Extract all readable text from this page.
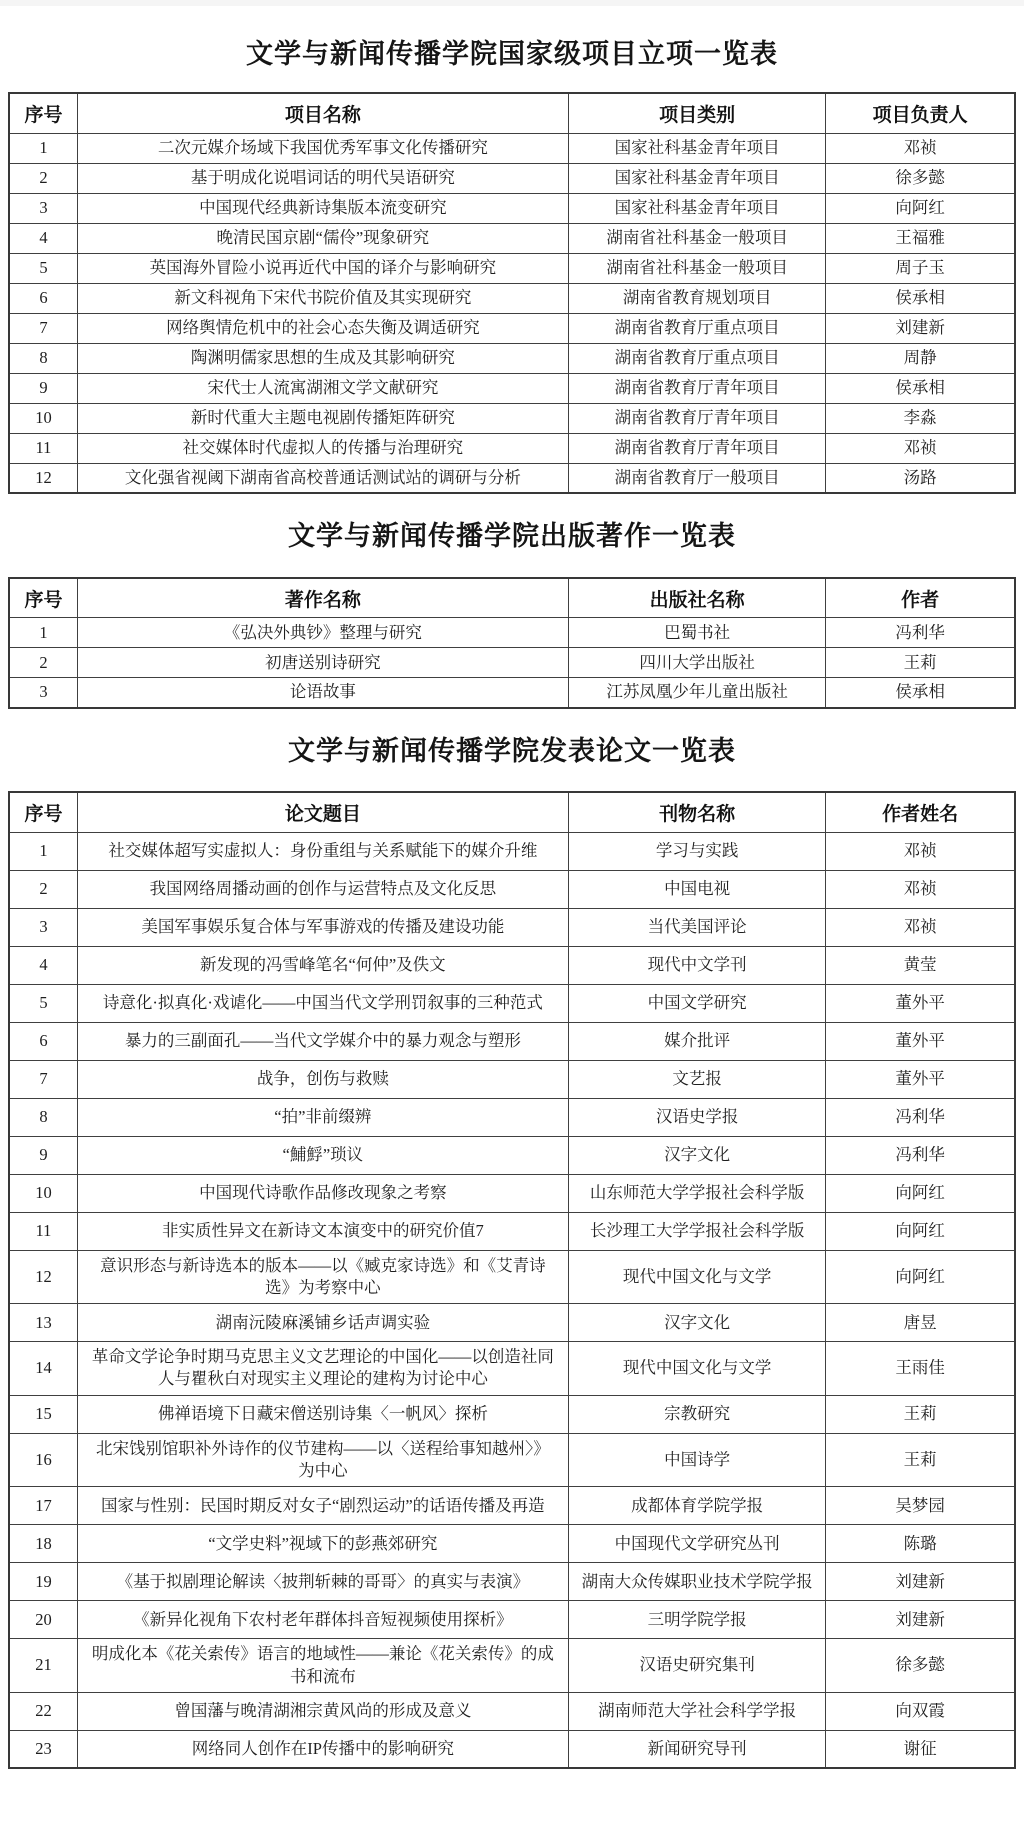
文学与新闻传播学院国家级项目立项一览表
序号	项目名称	项目类别	项目负责人
1	二次元媒介场域下我国优秀军事文化传播研究	国家社科基金青年项目	邓祯
2	基于明成化说唱词话的明代吴语研究	国家社科基金青年项目	徐多懿
3	中国现代经典新诗集版本流变研究	国家社科基金青年项目	向阿红
4	晚清民国京剧“儒伶”现象研究	湖南省社科基金一般项目	王福雅
5	英国海外冒险小说再近代中国的译介与影响研究	湖南省社科基金一般项目	周子玉
6	新文科视角下宋代书院价值及其实现研究	湖南省教育规划项目	侯承相
7	网络舆情危机中的社会心态失衡及调适研究	湖南省教育厅重点项目	刘建新
8	陶渊明儒家思想的生成及其影响研究	湖南省教育厅重点项目	周静
9	宋代士人流寓湖湘文学文献研究	湖南省教育厅青年项目	侯承相
10	新时代重大主题电视剧传播矩阵研究	湖南省教育厅青年项目	李淼
11	社交媒体时代虚拟人的传播与治理研究	湖南省教育厅青年项目	邓祯
12	文化强省视阈下湖南省高校普通话测试站的调研与分析	湖南省教育厅一般项目	汤路
文学与新闻传播学院出版著作一览表
序号	著作名称	出版社名称	作者
1	《弘决外典钞》整理与研究	巴蜀书社	冯利华
2	初唐送别诗研究	四川大学出版社	王莉
3	论语故事	江苏凤凰少年儿童出版社	侯承相
文学与新闻传播学院发表论文一览表
序号	论文题目	刊物名称	作者姓名
1	社交媒体超写实虚拟人：身份重组与关系赋能下的媒介升维	学习与实践	邓祯
2	我国网络周播动画的创作与运营特点及文化反思	中国电视	邓祯
3	美国军事娱乐复合体与军事游戏的传播及建设功能	当代美国评论	邓祯
4	新发现的冯雪峰笔名“何仲”及佚文	现代中文学刊	黄莹
5	诗意化·拟真化·戏谑化——中国当代文学刑罚叙事的三种范式	中国文学研究	董外平
6	暴力的三副面孔——当代文学媒介中的暴力观念与塑形	媒介批评	董外平
7	战争，创伤与救赎	文艺报	董外平
8	“拍”非前缀辨	汉语史学报	冯利华
9	“鯆䱐”琐议	汉字文化	冯利华
10	中国现代诗歌作品修改现象之考察	山东师范大学学报社会科学版	向阿红
11	非实质性异文在新诗文本演变中的研究价值7	长沙理工大学学报社会科学版	向阿红
12	意识形态与新诗选本的版本——以《臧克家诗选》和《艾青诗选》为考察中心	现代中国文化与文学	向阿红
13	湖南沅陵麻溪铺乡话声调实验	汉字文化	唐昱
14	革命文学论争时期马克思主义文艺理论的中国化——以创造社同人与瞿秋白对现实主义理论的建构为讨论中心	现代中国文化与文学	王雨佳
15	佛禅语境下日藏宋僧送别诗集〈一帆风〉探析	宗教研究	王莉
16	北宋饯别馆职补外诗作的仪节建构——以〈送程给事知越州〉》为中心	中国诗学	王莉
17	国家与性别：民国时期反对女子“剧烈运动”的话语传播及再造	成都体育学院学报	吴梦园
18	“文学史料”视域下的彭燕郊研究	中国现代文学研究丛刊	陈璐
19	《基于拟剧理论解读〈披荆斩棘的哥哥〉的真实与表演》	湖南大众传媒职业技术学院学报	刘建新
20	《新异化视角下农村老年群体抖音短视频使用探析》	三明学院学报	刘建新
21	明成化本《花关索传》语言的地域性——兼论《花关索传》的成书和流布	汉语史研究集刊	徐多懿
22	曾国藩与晚清湖湘宗黄风尚的形成及意义	湖南师范大学社会科学学报	向双霞
23	网络同人创作在IP传播中的影响研究	新闻研究导刊	谢征
